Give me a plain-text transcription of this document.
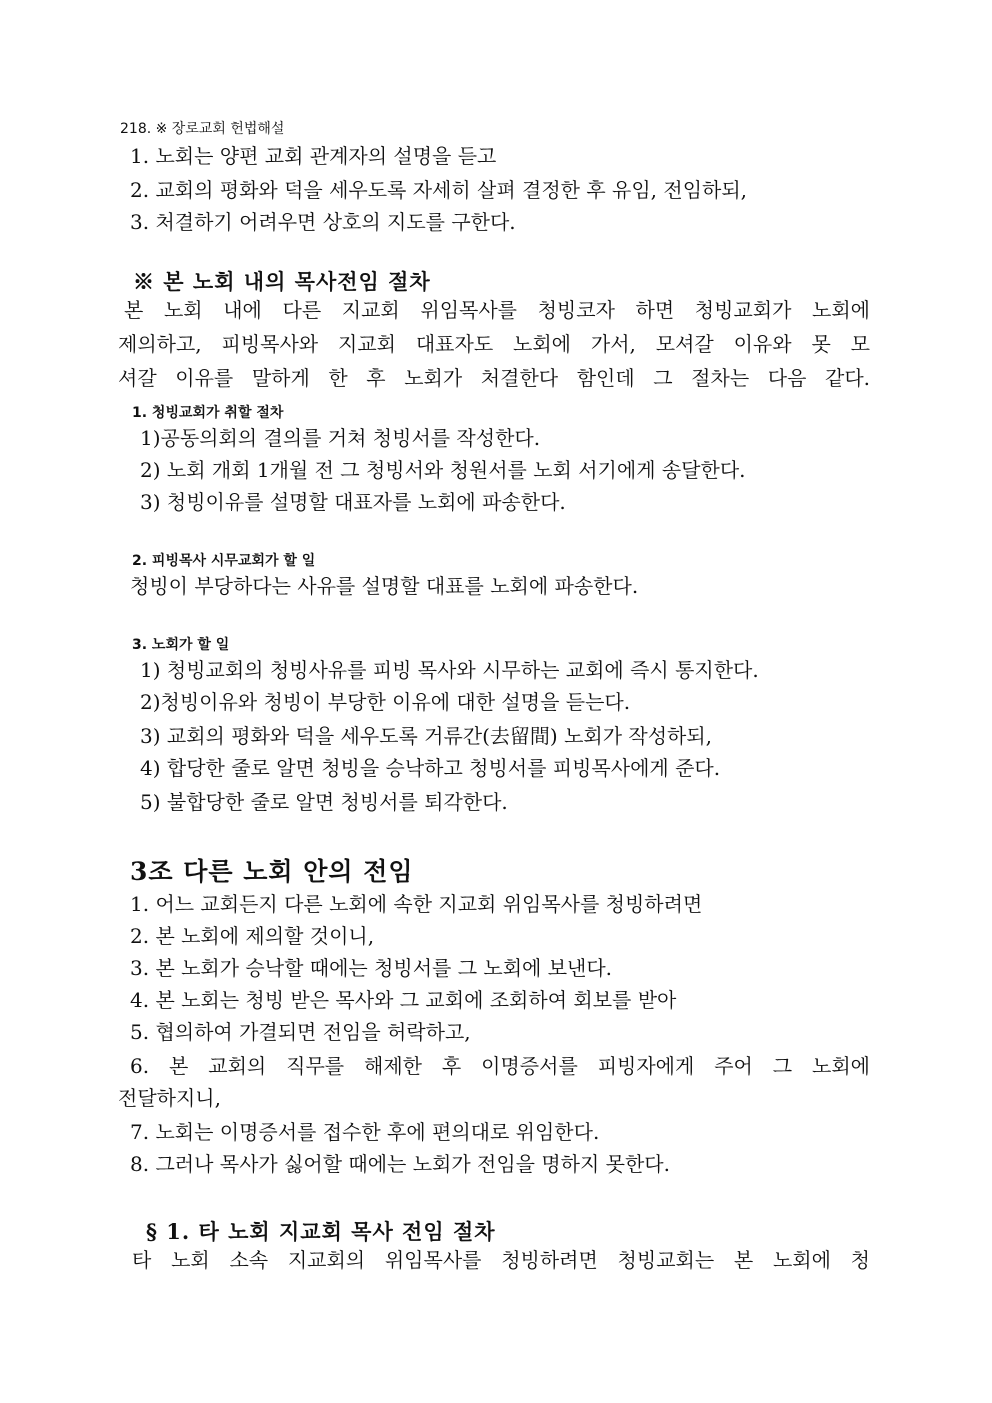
218. ※ 장로교회 헌법해설
1. 노회는 양편 교회 관계자의 설명을 듣고
2. 교회의 평화와 덕을 세우도록 자세히 살펴 결정한 후 유임, 전임하되,
3. 처결하기 어려우면 상호의 지도를 구한다.
※ 본 노회 내의 목사전임 절차
본 노회 내에 다른 지교회 위임목사를 청빙코자 하면 청빙교회가 노회에
제의하고, 피빙목사와 지교회 대표자도 노회에 가서, 모셔갈 이유와 못 모
셔갈 이유를 말하게 한 후 노회가 처결한다 함인데 그 절차는 다음 같다.
1. 청빙교회가 취할 절차
1)공동의회의 결의를 거쳐 청빙서를 작성한다.
2) 노회 개회 1개월 전 그 청빙서와 청원서를 노회 서기에게 송달한다.
3) 청빙이유를 설명할 대표자를 노회에 파송한다.
2. 피빙목사 시무교회가 할 일
청빙이 부당하다는 사유를 설명할 대표를 노회에 파송한다.
3. 노회가 할 일
1) 청빙교회의 청빙사유를 피빙 목사와 시무하는 교회에 즉시 통지한다.
2)청빙이유와 청빙이 부당한 이유에 대한 설명을 듣는다.
3) 교회의 평화와 덕을 세우도록 거류간(去留間) 노회가 작성하되,
4) 합당한 줄로 알면 청빙을 승낙하고 청빙서를 피빙목사에게 준다.
5) 불합당한 줄로 알면 청빙서를 퇴각한다.
3조 다른 노회 안의 전임
1. 어느 교회든지 다른 노회에 속한 지교회 위임목사를 청빙하려면
2. 본 노회에 제의할 것이니,
3. 본 노회가 승낙할 때에는 청빙서를 그 노회에 보낸다.
4. 본 노회는 청빙 받은 목사와 그 교회에 조회하여 회보를 받아
5. 협의하여 가결되면 전임을 허락하고,
6. 본 교회의 직무를 해제한 후 이명증서를 피빙자에게 주어 그 노회에
전달하지니,
7. 노회는 이명증서를 접수한 후에 편의대로 위임한다.
8. 그러나 목사가 싫어할 때에는 노회가 전임을 명하지 못한다.
§ 1. 타 노회 지교회 목사 전임 절차
타 노회 소속 지교회의 위임목사를 청빙하려면 청빙교회는 본 노회에 청
